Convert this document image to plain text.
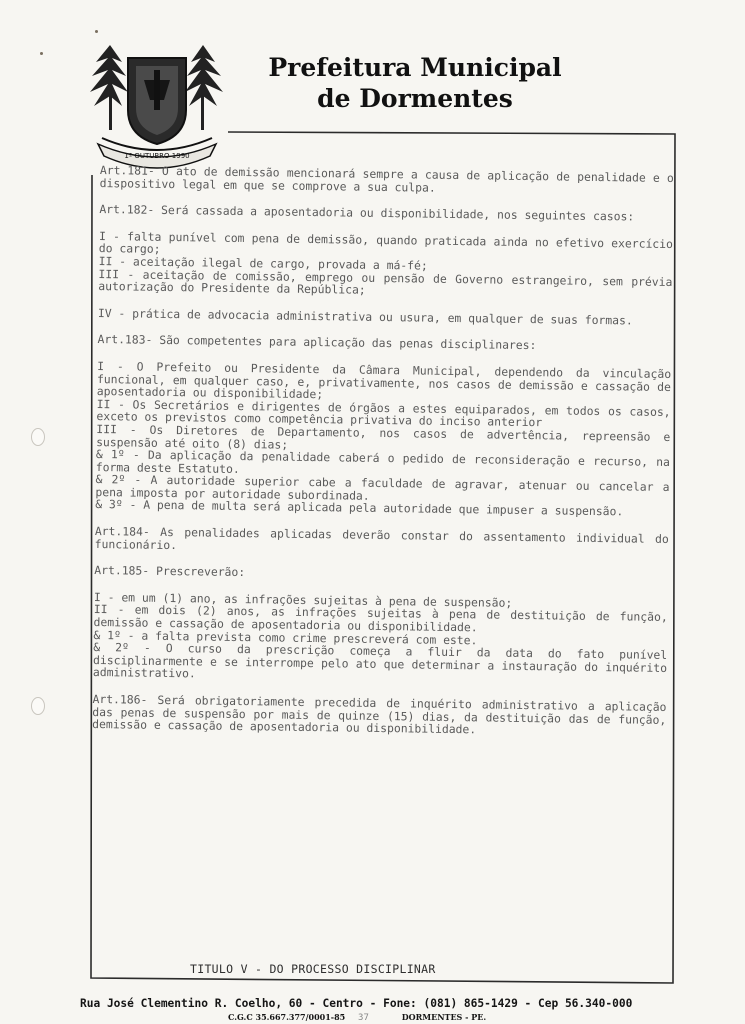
1º OUTUBRO 1990
Prefeitura Municipal
de Dormentes

Art.181- O ato de demissão mencionará sempre a causa de aplicação de penalidade e o dispositivo legal em que se comprove a sua culpa.

Art.182- Será cassada a aposentadoria ou disponibilidade, nos seguintes casos:

I - falta punível com pena de demissão, quando praticada ainda no efetivo exercício do cargo;
II - aceitação ilegal de cargo, provada a má-fé;
III - aceitação de comissão, emprego ou pensão de Governo estrangeiro, sem prévia autorização do Presidente da República;

IV - prática de advocacia administrativa ou usura, em qualquer de suas formas.

Art.183- São competentes para aplicação das penas disciplinares:

I - O Prefeito ou Presidente da Câmara Municipal, dependendo da vinculação funcional, em qualquer caso, e, privativamente, nos casos de demissão e cassação de aposentadoria ou disponibilidade;
II - Os Secretários e dirigentes de órgãos a estes equiparados, em todos os casos, exceto os previstos como competência privativa do inciso anterior
III - Os Diretores de Departamento, nos casos de advertência, repreensão e suspensão até oito (8) dias;
& 1º - Da aplicação da penalidade caberá o pedido de reconsideração e recurso, na forma deste Estatuto.
& 2º - A autoridade superior cabe a faculdade de agravar, atenuar ou cancelar a pena imposta por autoridade subordinada.
& 3º - A pena de multa será aplicada pela autoridade que impuser a suspensão.

Art.184- As penalidades aplicadas deverão constar do assentamento individual do funcionário.

Art.185- Prescreverão:

I - em um (1) ano, as infrações sujeitas à pena de suspensão;
II - em dois (2) anos, as infrações sujeitas à pena de destituição de função, demissão e cassação de aposentadoria ou disponibilidade.
& 1º - a falta prevista como crime prescreverá com este.
& 2º - O curso da prescrição começa a fluir da data do fato punível disciplinarmente e se interrompe pelo ato que determinar a instauração do inquérito administrativo.

Art.186- Será obrigatoriamente precedida de inquérito administrativo a aplicação das penas de suspensão por mais de quinze (15) dias, da destituição das de função, demissão e cassação de aposentadoria ou disponibilidade.

TITULO V - DO PROCESSO DISCIPLINAR
Rua José Clementino R. Coelho, 60 - Centro - Fone: (081) 865-1429 - Cep 56.340-000
C.G.C 35.667.377/0001-85 37	DORMENTES - PE.
